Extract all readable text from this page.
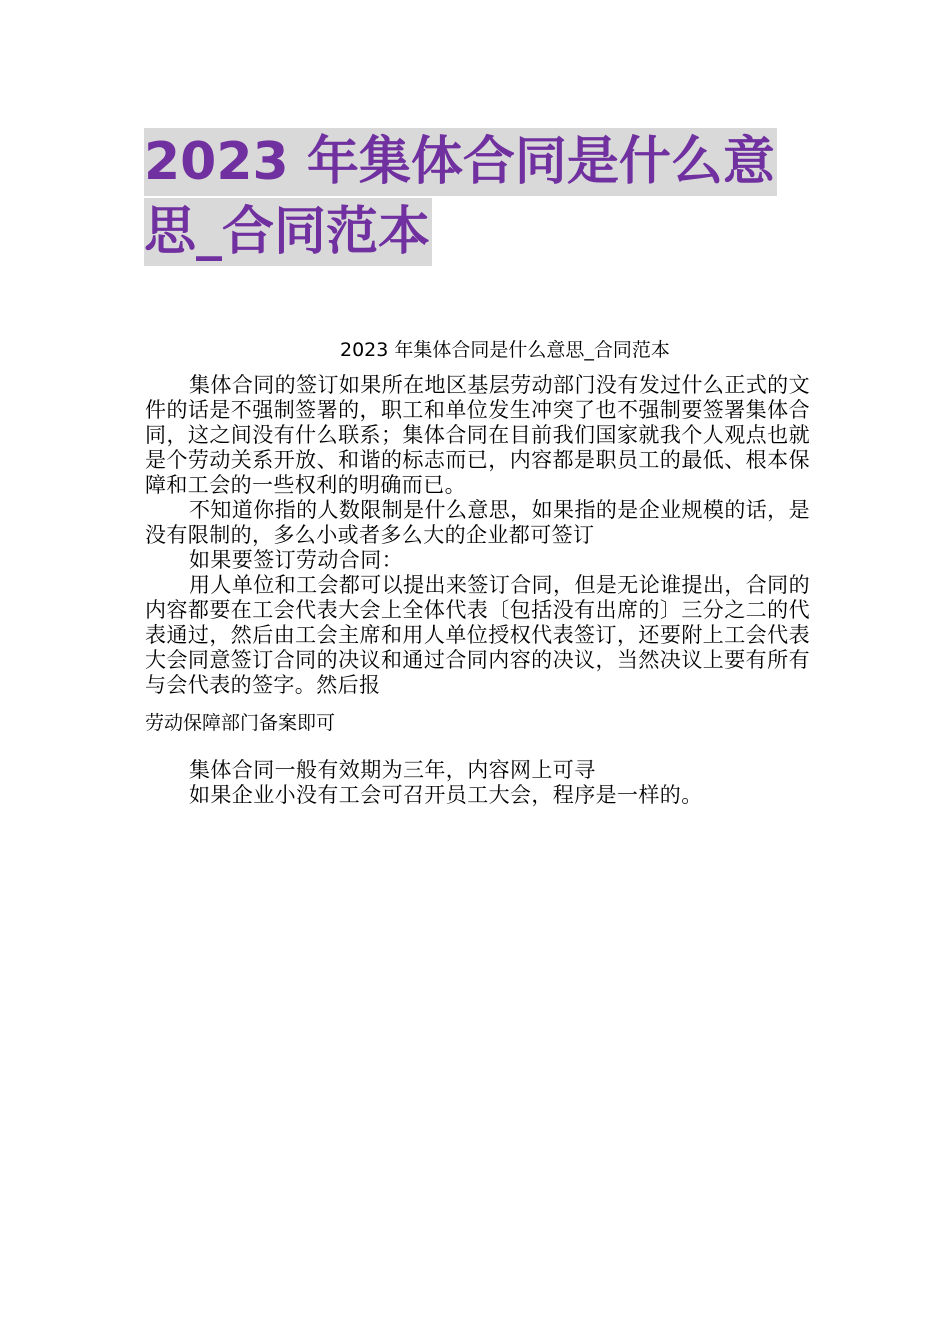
2023 年集体合同是什么意
思_合同范本
2023 年集体合同是什么意思_合同范本

集体合同的签订如果所在地区基层劳动部门没有发过什么正式的文件的话是不强制签署的，职工和单位发生冲突了也不强制要签署集体合同，这之间没有什么联系；集体合同在目前我们国家就我个人观点也就是个劳动关系开放、和谐的标志而已，内容都是职员工的最低、根本保障和工会的一些权利的明确而已。

不知道你指的人数限制是什么意思，如果指的是企业规模的话，是没有限制的，多么小或者多么大的企业都可签订

如果要签订劳动合同：

用人单位和工会都可以提出来签订合同，但是无论谁提出，合同的内容都要在工会代表大会上全体代表〔包括没有出席的〕三分之二的代表通过，然后由工会主席和用人单位授权代表签订，还要附上工会代表大会同意签订合同的决议和通过合同内容的决议，当然决议上要有所有与会代表的签字。然后报

劳动保障部门备案即可

集体合同一般有效期为三年，内容网上可寻

如果企业小没有工会可召开员工大会，程序是一样的。
